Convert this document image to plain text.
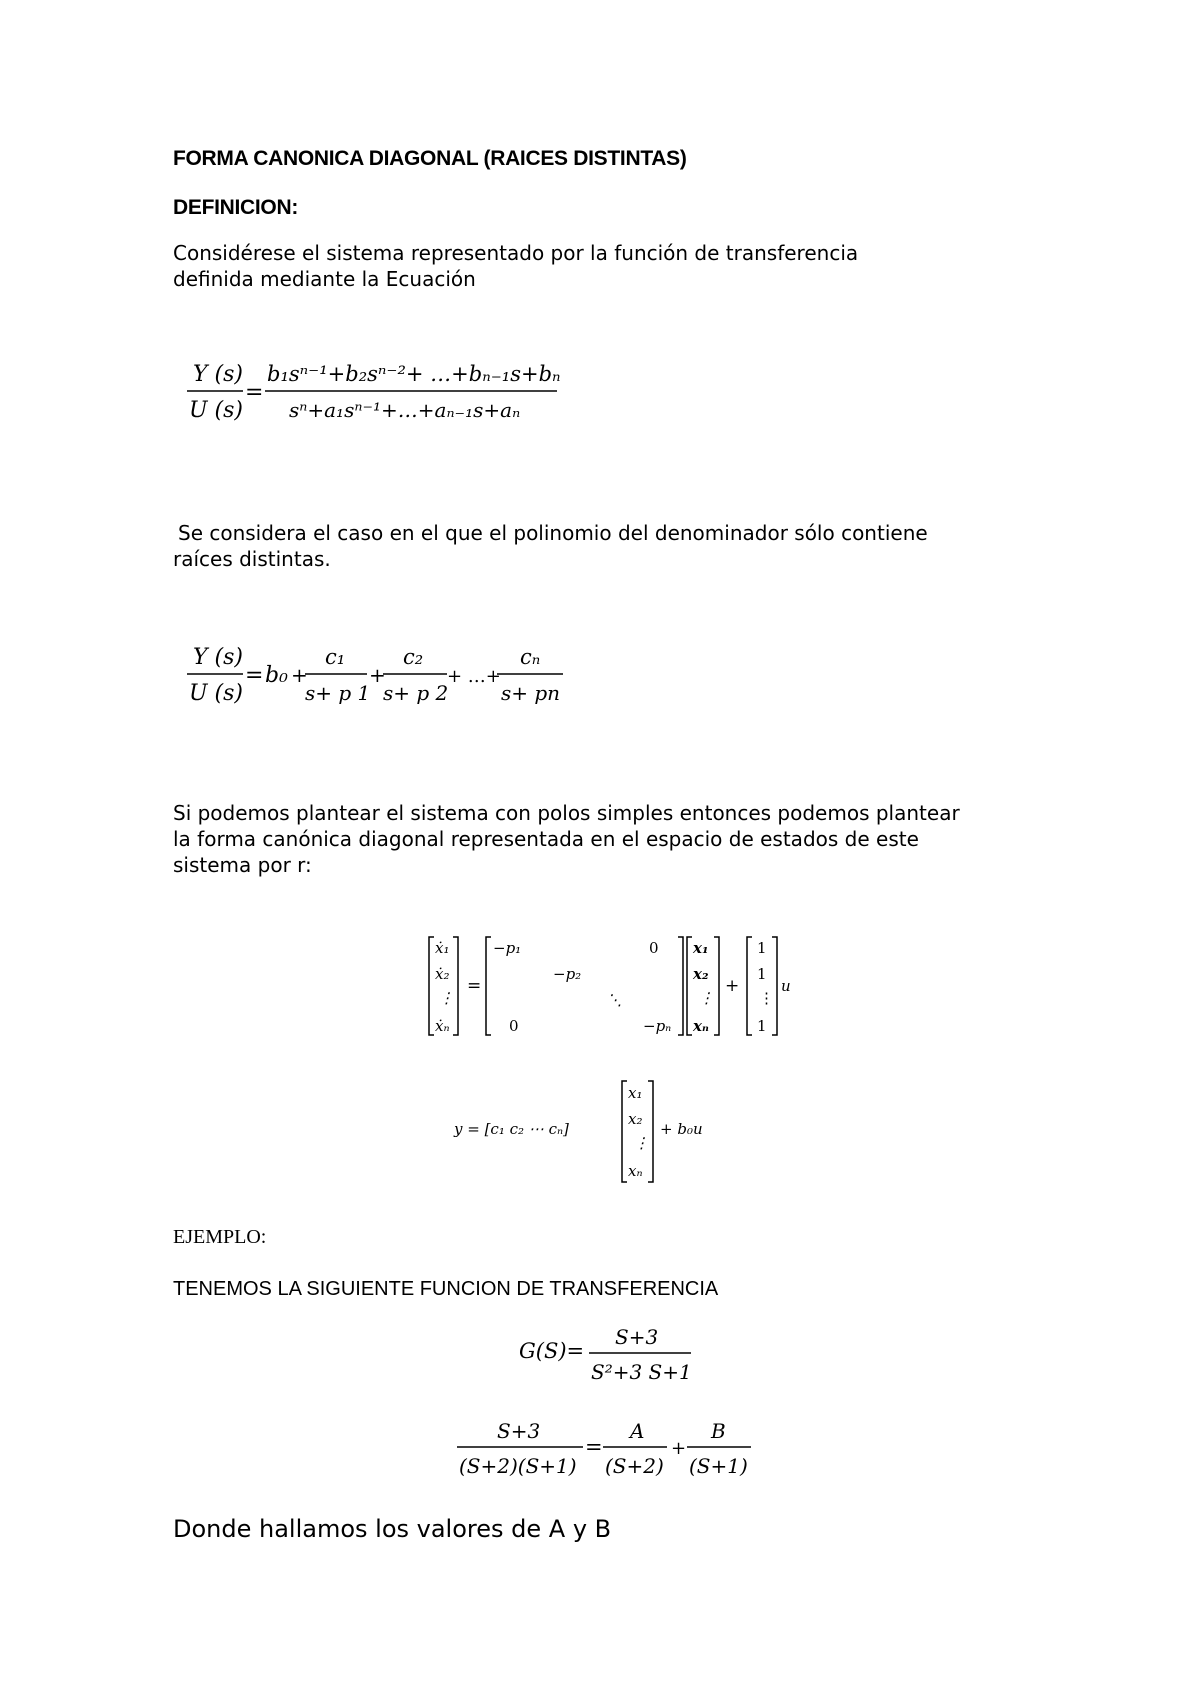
FORMA CANONICA DIAGONAL (RAICES DISTINTAS)
DEFINICION:
Considérese el sistema representado por la función de transferencia
definida mediante la Ecuación
Y (s)
U (s)
=
b₁sⁿ⁻¹+b₂sⁿ⁻²+ …+bₙ₋₁s+bₙ
sⁿ+a₁sⁿ⁻¹+…+aₙ₋₁s+aₙ
Se considera el caso en el que el polinomio del denominador sólo contiene
raíces distintas.
Y (s)
U (s)
= b₀ +
c₁
s+ p 1
+
c₂
s+ p 2
+ …+
cₙ
s+ pn
Si podemos plantear el sistema con polos simples entonces podemos plantear
la forma canónica diagonal representada en el espacio de estados de este
sistema por r:
ẋ₁
ẋ₂
⋮
ẋₙ
=
−p₁
−p₂
⋱
−pₙ
0
0
x₁
x₂
⋮
xₙ
+
1
1
⋮
1
u
y = [c₁ c₂ ⋯ cₙ]
x₁
x₂
⋮
xₙ
+ b₀u
EJEMPLO:
TENEMOS LA SIGUIENTE FUNCION DE TRANSFERENCIA
G(S)=
S+3
S²+3 S+1
S+3
(S+2)(S+1)
=
A
(S+2)
+
B
(S+1)
Donde hallamos los valores de A y B
